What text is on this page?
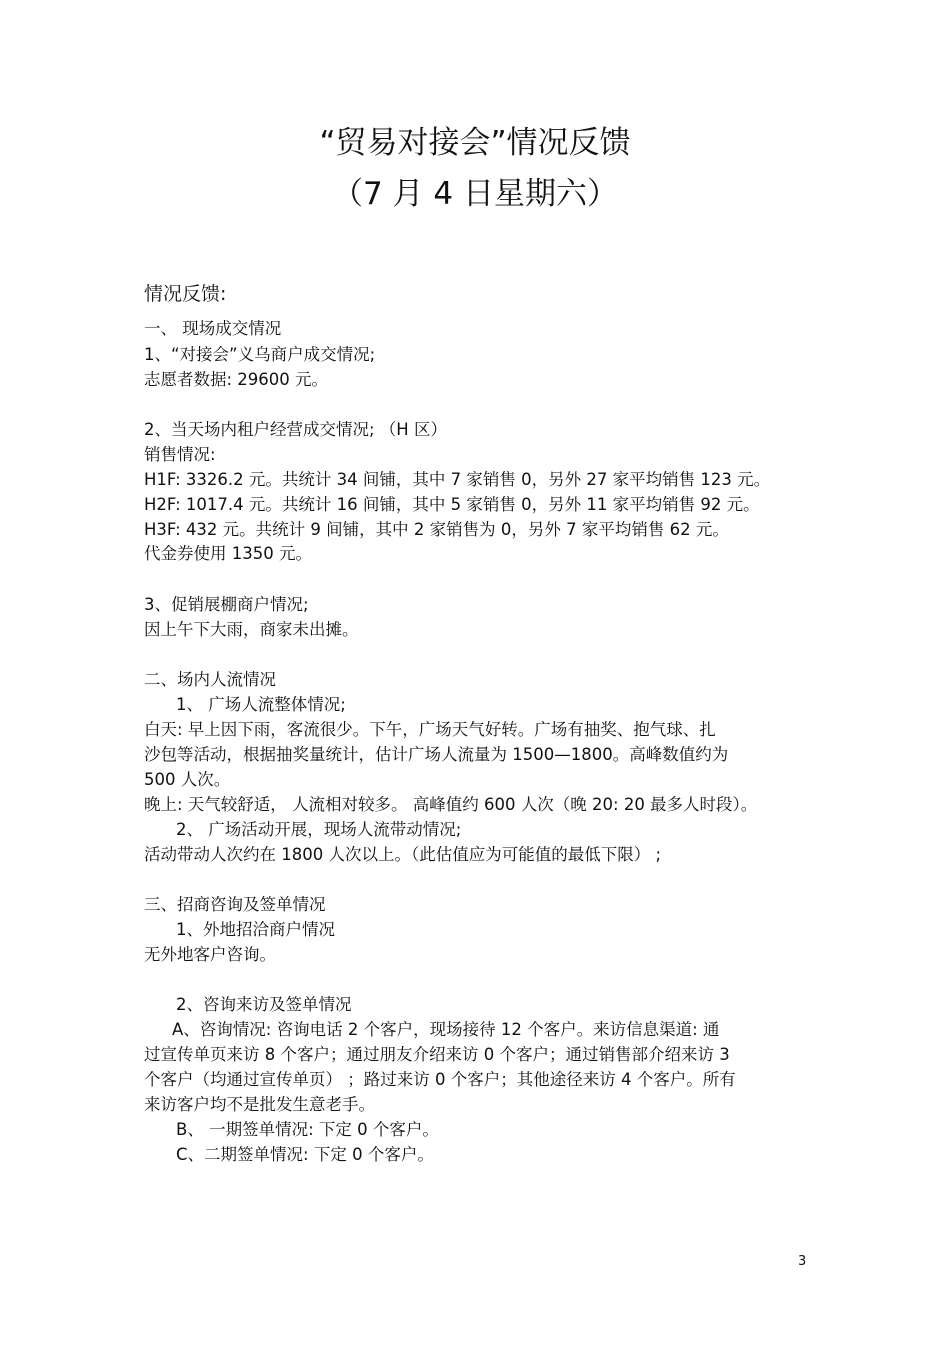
“贸易对接会”情况反馈
（7 月 4 日星期六）
情况反馈:
一、 现场成交情况
1、“对接会”义乌商户成交情况;
志愿者数据: 29600 元。
2、当天场内租户经营成交情况; （H 区）
销售情况:
H1F: 3326.2 元。共统计 34 间铺，其中 7 家销售 0，另外 27 家平均销售 123 元。
H2F: 1017.4 元。共统计 16 间铺，其中 5 家销售 0，另外 11 家平均销售 92 元。
H3F: 432 元。共统计 9 间铺，其中 2 家销售为 0，另外 7 家平均销售 62 元。
代金券使用 1350 元。
3、促销展棚商户情况;
因上午下大雨，商家未出摊。
二、场内人流情况
1、 广场人流整体情况;
白天: 早上因下雨，客流很少。下午，广场天气好转。广场有抽奖、抱气球、扎
沙包等活动，根据抽奖量统计，估计广场人流量为 1500—1800。高峰数值约为
500 人次。
晚上: 天气较舒适， 人流相对较多。 高峰值约 600 人次（晚 20: 20 最多人时段）。
2、 广场活动开展，现场人流带动情况;
活动带动人次约在 1800 人次以上。（此估值应为可能值的最低下限） ;
三、招商咨询及签单情况
1、外地招洽商户情况
无外地客户咨询。
2、咨询来访及签单情况
A、咨询情况: 咨询电话 2 个客户，现场接待 12 个客户。来访信息渠道: 通
过宣传单页来访 8 个客户；通过朋友介绍来访 0 个客户；通过销售部介绍来访 3
个客户（均通过宣传单页） ；路过来访 0 个客户；其他途径来访 4 个客户。所有
来访客户均不是批发生意老手。
B、 一期签单情况: 下定 0 个客户。
C、二期签单情况: 下定 0 个客户。
3
